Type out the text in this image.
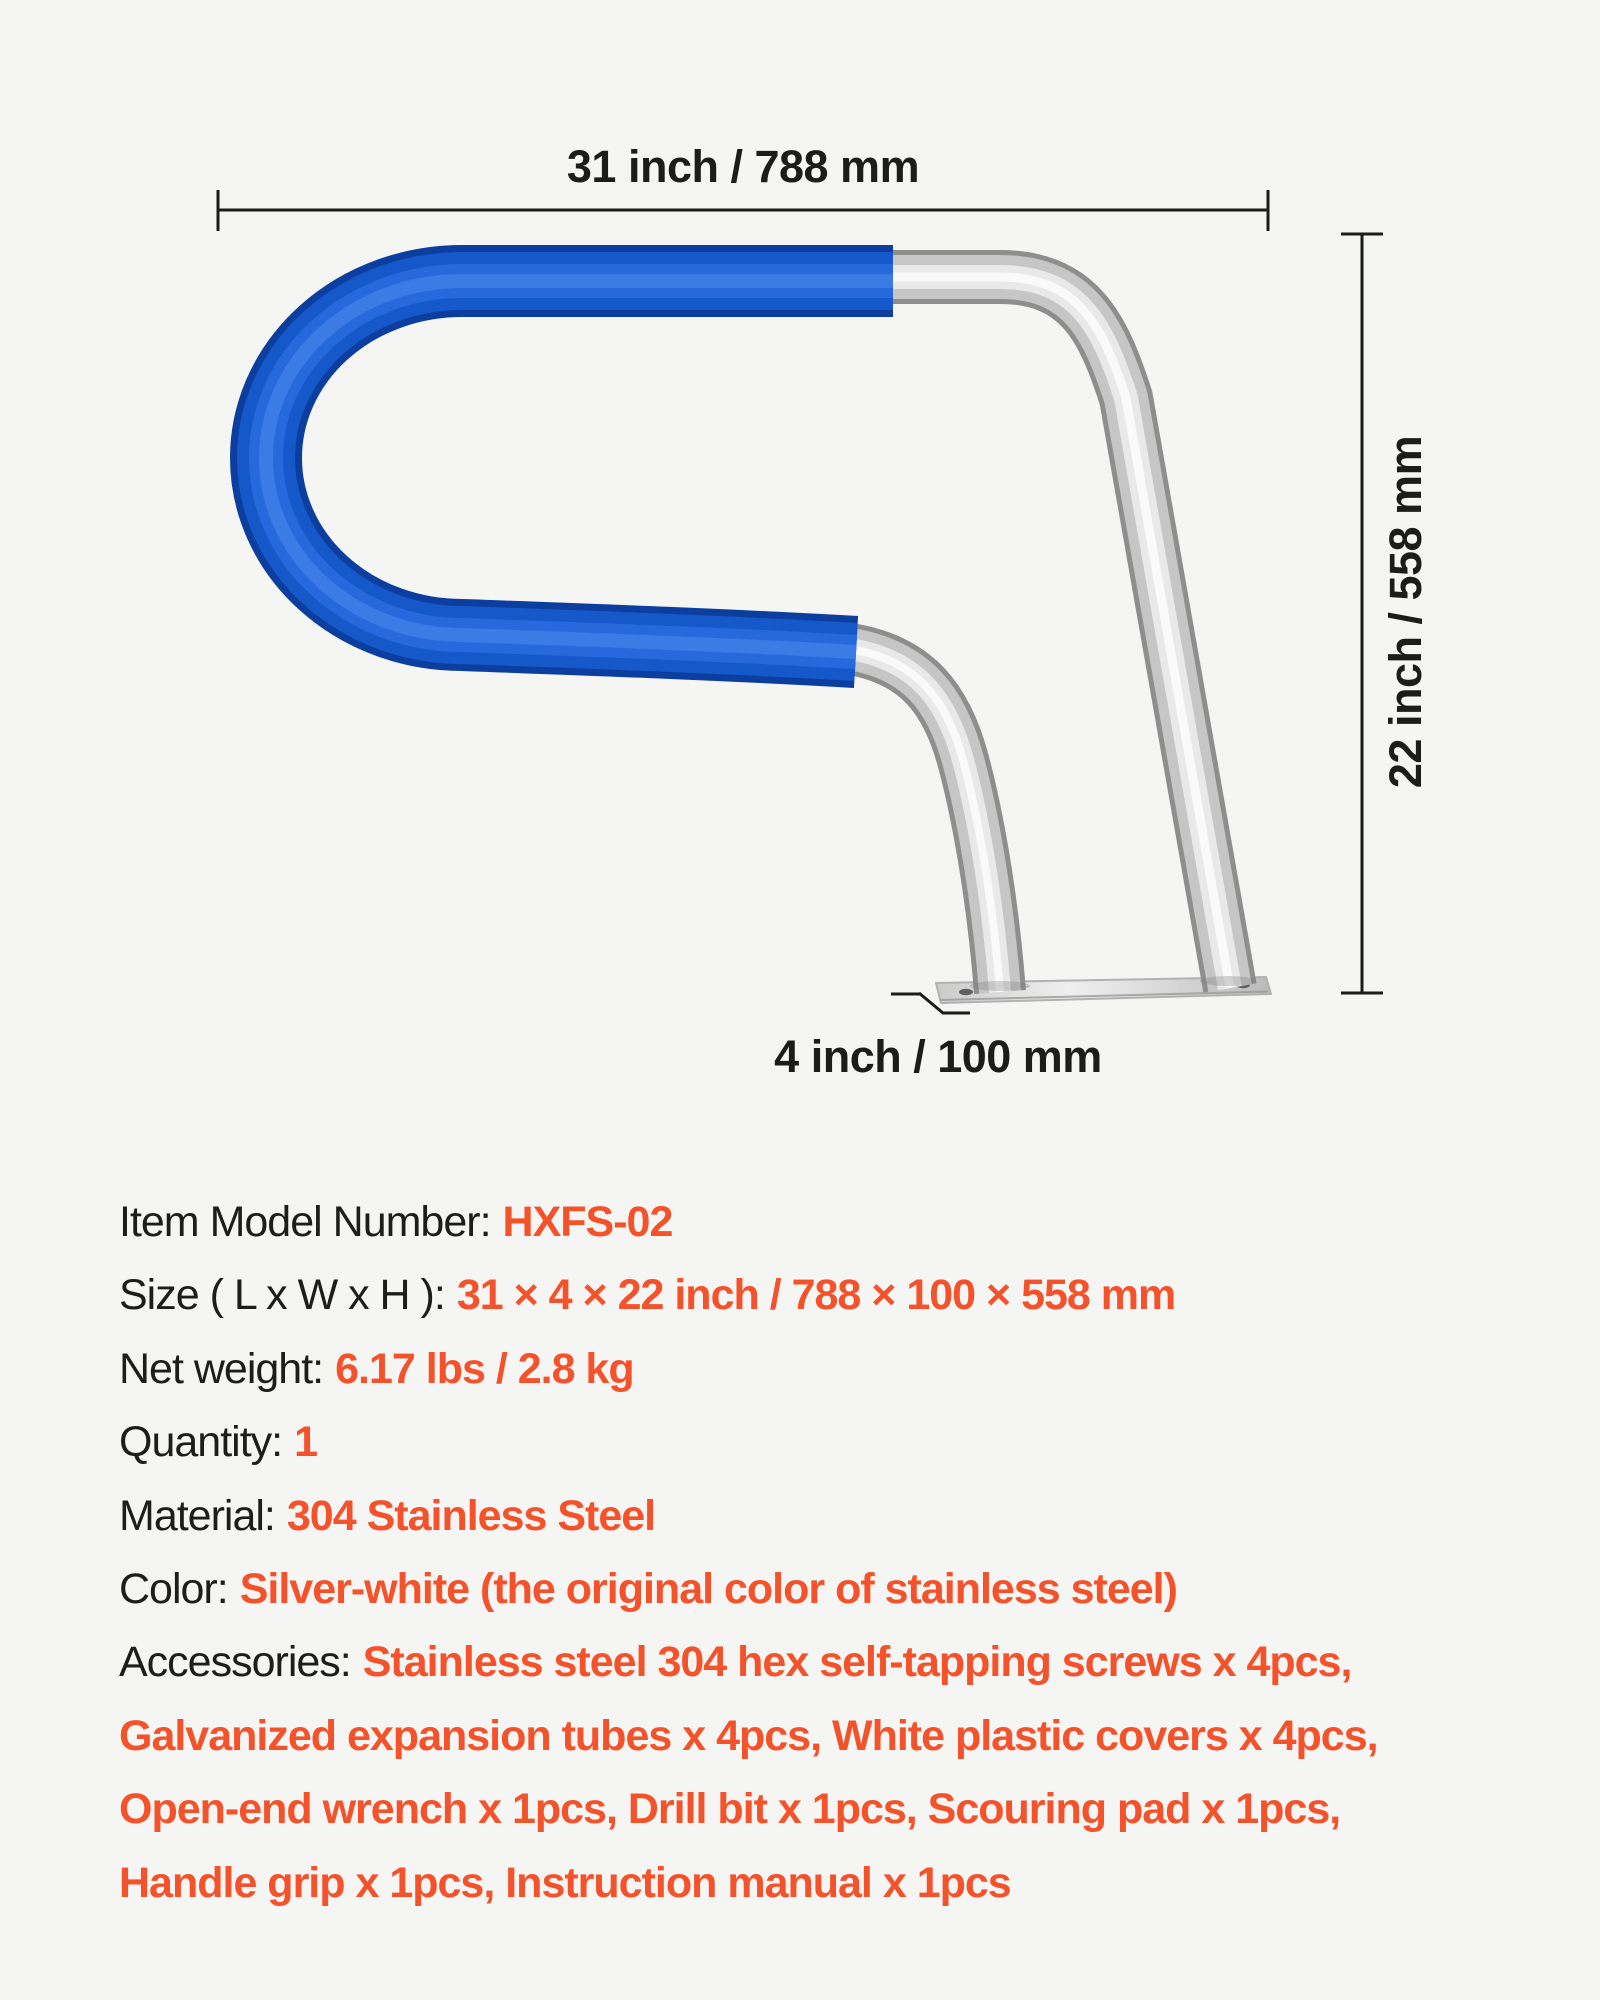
31 inch / 788 mm
22 inch / 558 mm
4 inch / 100 mm
Item Model Number: HXFS-02
Size ( L x W x H ): 31 × 4 × 22 inch / 788 × 100 × 558 mm
Net weight: 6.17 lbs / 2.8 kg
Quantity: 1
Material: 304 Stainless Steel
Color: Silver-white (the original color of stainless steel)
Accessories: Stainless steel 304 hex self-tapping screws x 4pcs,
Galvanized expansion tubes x 4pcs, White plastic covers x 4pcs,
Open-end wrench x 1pcs, Drill bit x 1pcs, Scouring pad x 1pcs,
Handle grip x 1pcs, Instruction manual x 1pcs
